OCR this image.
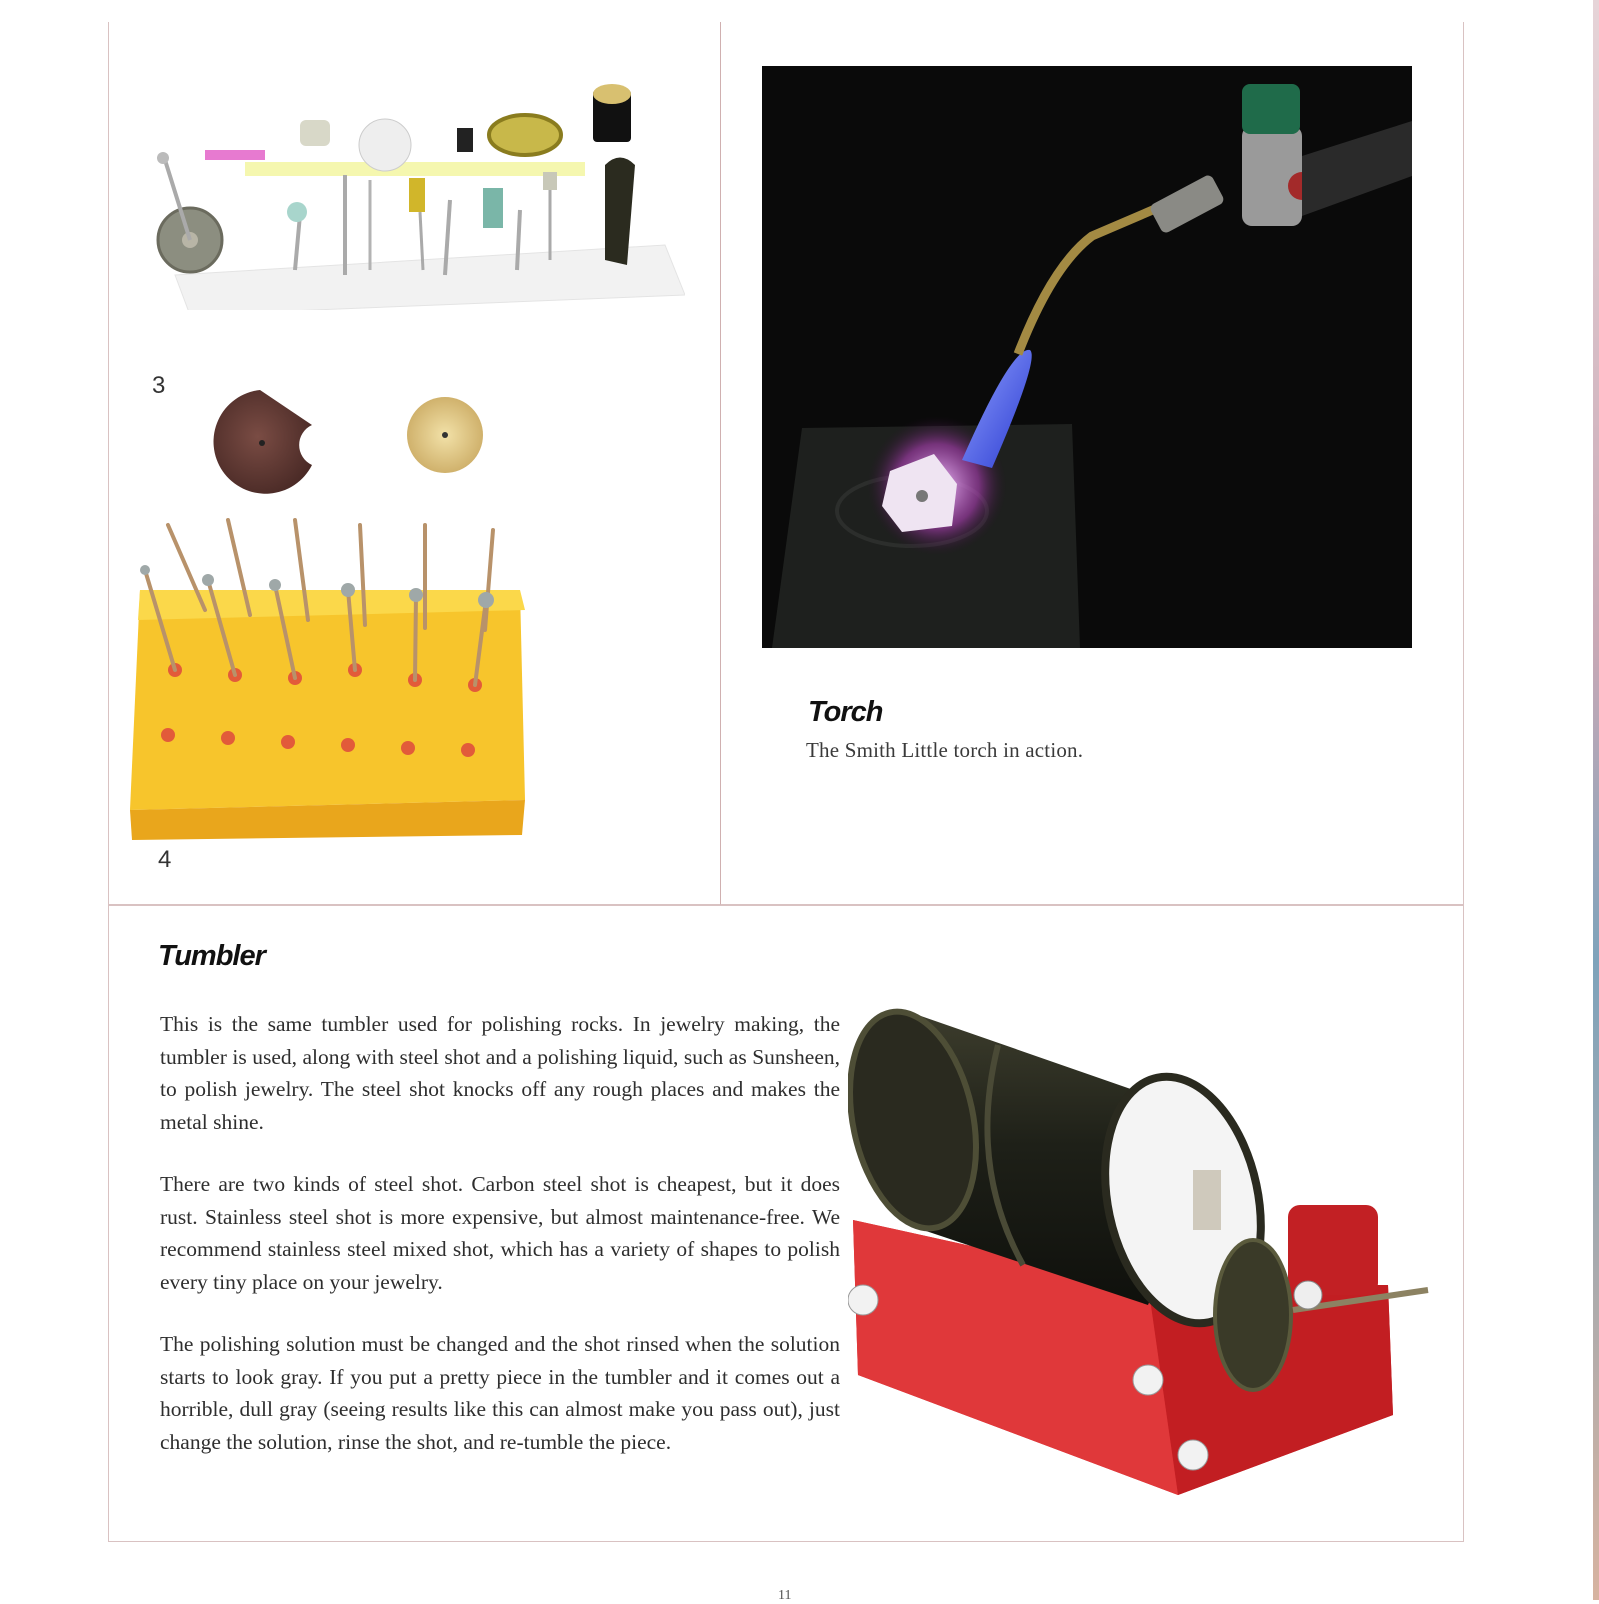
3
4
Torch
The Smith Little torch in action.
Tumbler

This is the same tumbler used for polishing rocks. In jewelry making, the tumbler is used, along with steel shot and a polishing liquid, such as Sunsheen, to polish jewelry. The steel shot knocks off any rough places and makes the metal shine.

There are two kinds of steel shot. Carbon steel shot is cheapest, but it does rust. Stainless steel shot is more expensive, but almost maintenance-free. We recommend stainless steel mixed shot, which has a variety of shapes to polish every tiny place on your jewelry.

The polishing solution must be changed and the shot rinsed when the solution starts to look gray. If you put a pretty piece in the tumbler and it comes out a horrible, dull gray (seeing results like this can almost make you pass out), just change the solution, rinse the shot, and re-tumble the piece.

11
